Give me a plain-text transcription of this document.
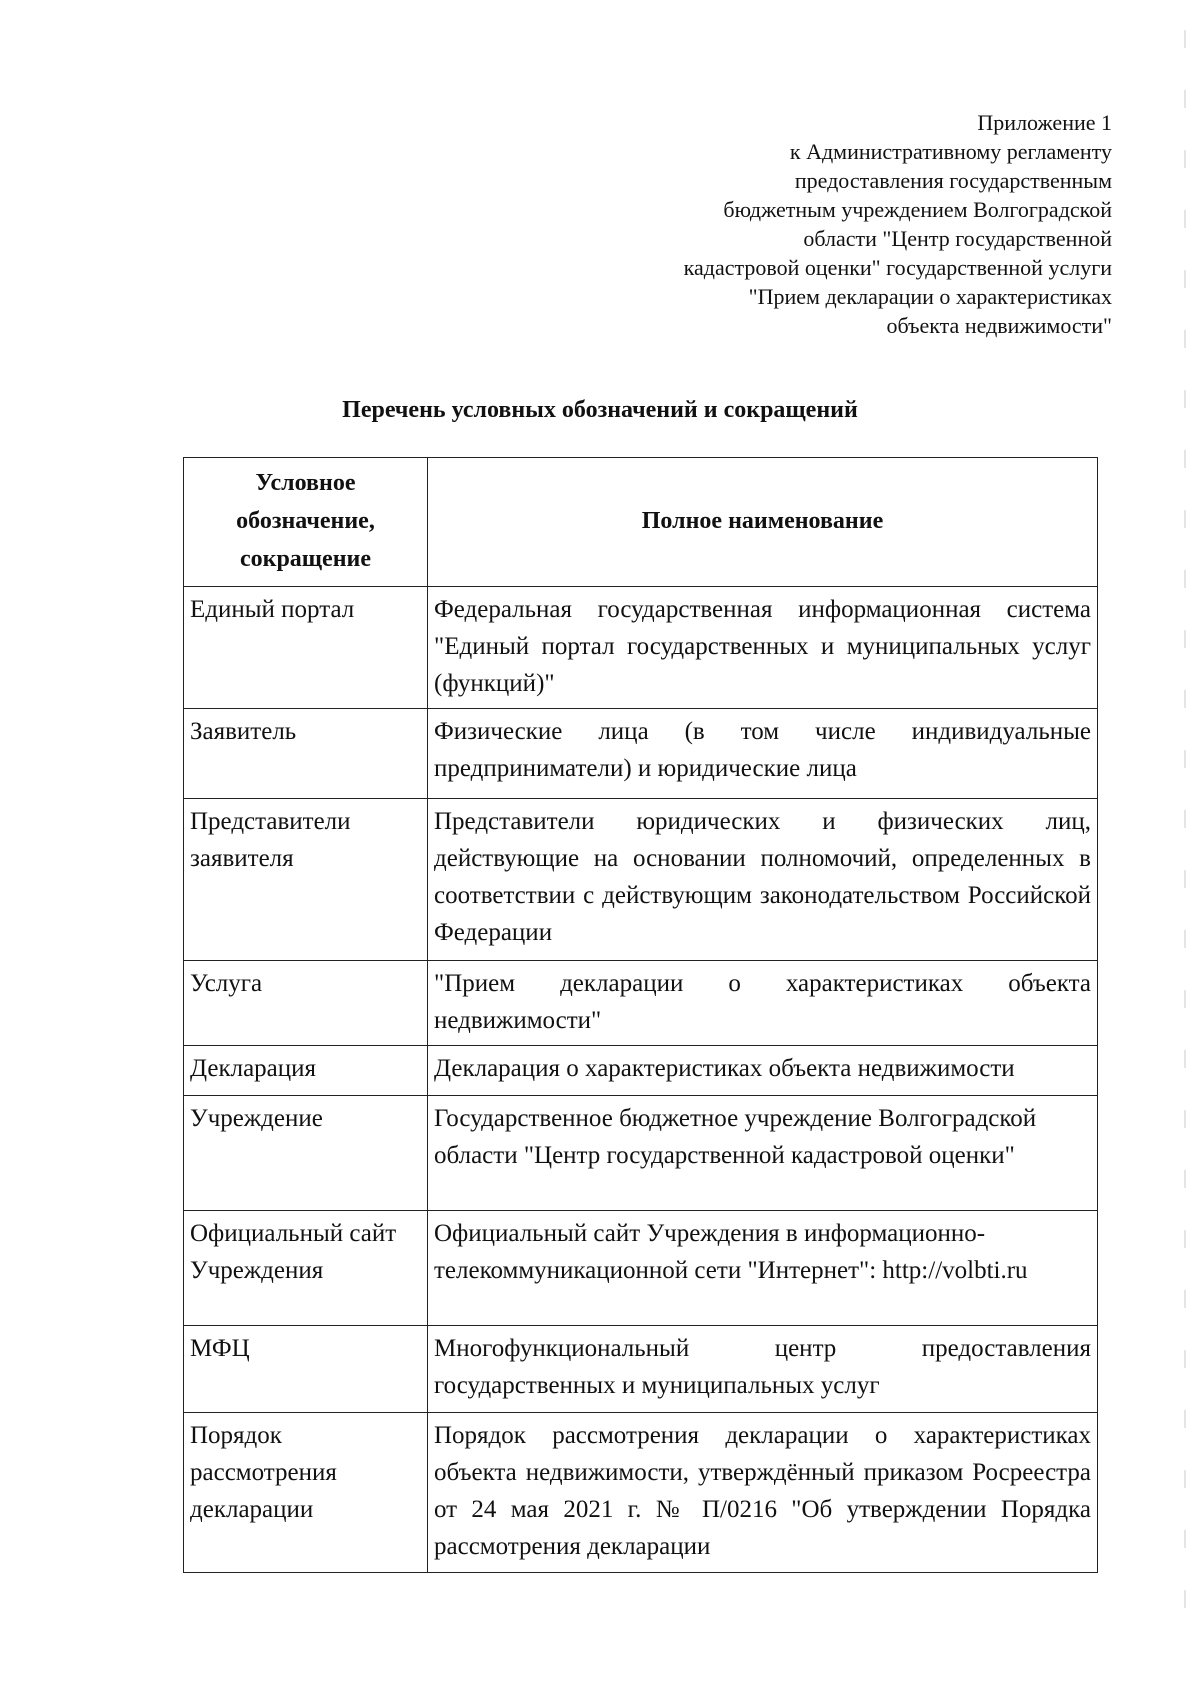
Приложение 1
к Административному регламенту
предоставления государственным
бюджетным учреждением Волгоградской
области "Центр государственной
кадастровой оценки" государственной услуги
"Прием декларации о характеристиках
объекта недвижимости"
Перечень условных обозначений и сокращений
Условное обозначение, сокращение	Полное наименование
Единый портал	Федеральная государственная информационная система "Единый портал государственных и муниципальных услуг (функций)"
Заявитель	Физические лица (в том числе индивидуальные предприниматели) и юридические лица
Представители заявителя	Представители юридических и физических лиц, действующие на основании полномочий, определенных в соответствии с действующим законодательством Российской Федерации
Услуга	"Прием декларации о характеристиках объекта недвижимости"
Декларация	Декларация о характеристиках объекта недвижимости
Учреждение	Государственное бюджетное учреждение Волгоградской области "Центр государственной кадастровой оценки"
Официальный сайт Учреждения	Официальный сайт Учреждения в информационно-телекоммуникационной сети "Интернет": http://volbti.ru
МФЦ	Многофункциональный центр предоставления государственных и муниципальных услуг
Порядок рассмотрения декларации	Порядок рассмотрения декларации о характеристиках объекта недвижимости, утверждённый приказом Росреестра от 24 мая 2021 г. № П/0216 "Об утверждении Порядка рассмотрения декларации
